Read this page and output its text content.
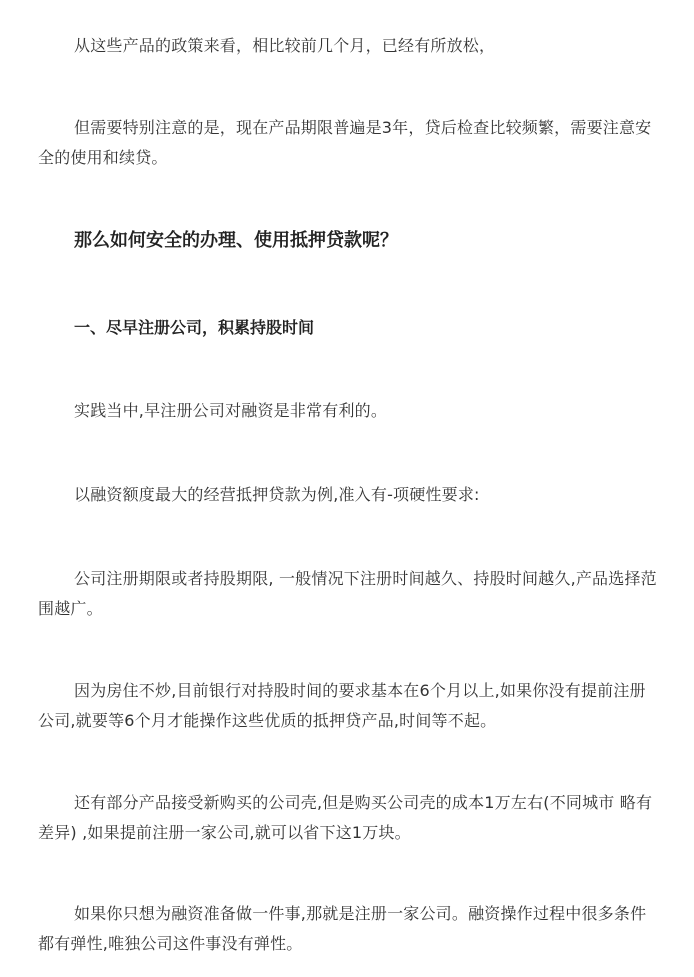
从这些产品的政策来看，相比较前几个月，已经有所放松，

但需要特别注意的是，现在产品期限普遍是3年，贷后检查比较频繁，需要注意安全的使用和续贷。

那么如何安全的办理、使用抵押贷款呢？
一、尽早注册公司，积累持股时间

实践当中,早注册公司对融资是非常有利的。

以融资额度最大的经营抵押贷款为例,准入有-项硬性要求:

公司注册期限或者持股期限, 一般情况下注册时间越久、持股时间越久,产品选择范围越广。

因为房住不炒,目前银行对持股时间的要求基本在6个月以上,如果你没有提前注册公司,就要等6个月才能操作这些优质的抵押贷产品,时间等不起。

还有部分产品接受新购买的公司壳,但是购买公司壳的成本1万左右(不同城市 略有差异) ,如果提前注册一家公司,就可以省下这1万块。

如果你只想为融资准备做一件事,那就是注册一家公司。融资操作过程中很多条件都有弹性,唯独公司这件事没有弹性。
